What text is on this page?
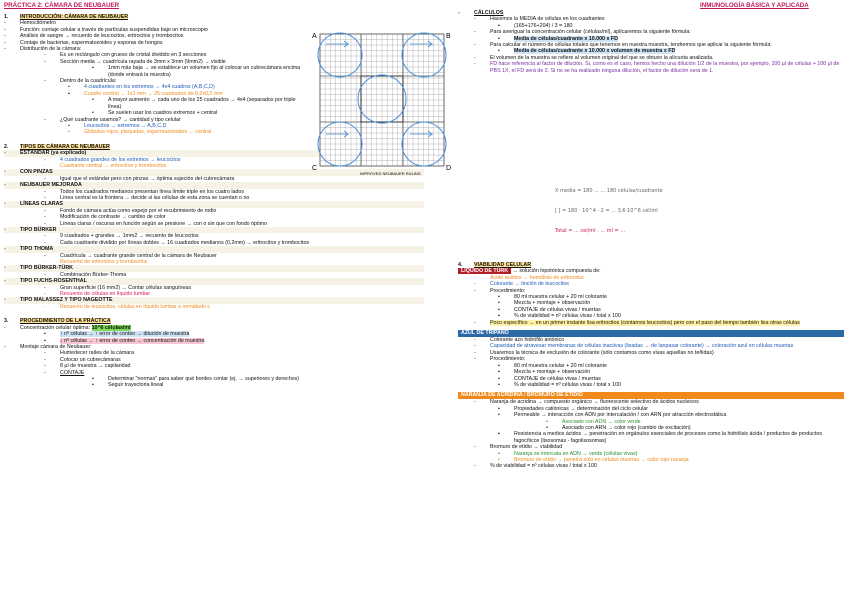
PRÁCTICA 2: CÁMARA DE NEUBAUER	INMUNOLOGÍA BÁSICA Y APLICADA
1.	INTRODUCCIÓN: CÁMARA DE NEUBAUER
-	Hemocitómetro
-	Función: contaje celular a través de partículas suspendidas bajo un microscopio
-	Análisis de sangre → recuento de leucocitos, eritrocitos y trombocitos
-	Contaje de bacterias, espermatozoides y esporas de hongos
-	Distribución de la cámara:
-	Es un rectángulo con grueso de cristal dividido en 3 secciones
-	Sección media → cuadrícula rayada de 3mm x 3mm (9mm2) → visible
▪	1mm más baja → se establece un volumen fijo al colocar un cubrecámara encima (donde entrará la muestra)
-	Dentro de la cuadrícula:
▪	4 cuadrantes en los extremos → 4x4 cuadros (A,B,C,D)
▪	Cuadro central → 1x1 mm → 25 cuadrados de 0,2x0,2 mm
•	A mayor aumento → cada uno de los 25 cuadrados → 4x4 (separados por triple línea)
•	Se suelen usar los cuadros extremos + central
-	¿Qué cuadrante usamos? → cantidad y tipo celular
▪	Leucocitos → extremos → A,B,C,D
▪	Glóbulos rojos, plaquetas, espermatozoides → central
2.	TIPOS DE CÁMARA DE NEUBAUER
-	ESTÁNDAR (ya explicado)
-	4 cuadrados grandes de los extremos → leucocitos
-	Cuadrante central → eritrocitos y trombocitos
-	CON PINZAS
-	Igual que el estándar pero con pinzas → óptima sujeción del cubrecámara
-	NEUBAUER MEJORADA
-	Todos los cuadrados medianos presentan línea límite triple en los cuatro lados
-	Línea central es la frontera → decide si las células de esta zona se cuentan o no
-	LÍNEAS CLARAS
-	Fondo de cámara actúa como espejo por el recubrimiento de rodio
-	Modificación de contraste → cambio de color
-	Líneas claras / oscuras en función según se presione → con o sin que con fondo óptimo
-	TIPO BÜRKER
-	9 cuadrados + grandes → 1mm2 → recuento de leucocitos
-	Cada cuadrante dividido por líneas dobles → 16 cuadrados medianos (0,2mm) → eritrocitos y trombocitos
-	TIPO THOMA
-	Cuadrícula → cuadrante grande central de la cámara de Neubauer
-	Recuento de eritrocitos y trombocitos
-	TIPO BÜRKER-TÜRK
-	Combinación Bürker-Thoma
-	TIPO FUCHS-ROSENTHAL
-	Gran superficie (16 mm2) → Contar células sanguíneas
-	Recuento de células en líquido lumbar
-	TIPO MALASSEZ Y TIPO NAGEOTTE
-	Recuento de leucocitos, células en líquido lumbar o nemátodo c
3.	PROCEDIMIENTO DE LA PRÁCTICA
-	Concentración celular óptima: 10^6 células/ml
▪	↑ nº células → ↑ error de conteo → dilución de muestra
▪	↓ nº células → ↑ error de conteo → concentración de muestra
-	Montaje cámara de Neubauer:
-	Humedecer raíles de la cámara
-	Colocar un cubrecámaras
-	8 µl de muestra → capilaridad
-	CONTAJE
▪	Determinar "normas" para saber qué bordes contar (ej. → superiores y derechos)
▪	Seguir trayectoria lineal
A	B
C	D
IMPROVED NEUBAUER RULING
-	CÁLCULOS
-	Hacemos la MEDIA de células en los cuadrantes
▪	(165+176+204) / 3 = 180
-	Para averiguar la concentración celular (células/ml), aplicaremos la siguiente fórmula:
▪	Media de células/cuadrante x 10.000 x FD
-	Para calcular el número de células totales que tenemos en nuestra muestra, tendremos que aplicar la siguiente fórmula:
▪	Media de células/cuadrante x 10.000 x volumen de muestra x FD
-	El volumen de la muestra se refiere al volumen original del que se obtuvo la alícuota analizada.
-	FD hace referencia al factor de dilución. Si, como es el caso, hemos hecho una dilución 1/2 de la muestra, por ejemplo, 100 µl de células + 100 µl de PBS 1X, el FD será de 2. Si no se ha realizado ninguna dilución, el factor de dilución será de 1.
X media = 180 ... ... 180 células/cuadrante
[ ] = 180 · 10^4 · 2 = ... 3,6·10^6 cél/ml
Total = ... cel/ml · ... ml = ...
4.	VIABILIDAD CELULAR
LÍQUIDO DE TÜRK → solución hipotónica compuesta de:
-	Ácido acético → hemólisis de eritrocitos
-	Colorante → tinción de leucocitos
-	Procedimiento:
▪	80 ml muestra celular + 20 ml colorante
▪	Mezcla + montaje + observación
▪	CONTAJE de células vivas / muertas
▪	% de viabilidad = nº células vivas / total x 100
-	Poco específico → en un primer instante lisa eritrocitos (contamos leucocitos) pero con el paso del tiempo también lisa otras células
AZUL DE TRIPANO
-	Colorante azo hidrófilo aniónico
-	Capacidad de atravesar membranas de células inactivas (lisadas → de lanpasar colorante) → coloración azul en células muertas
-	Usaremos la técnica de exclusión de colorante (sólo contamos como vivas aquellas no teñidas)
-	Procedimiento:
▪	80 ml muestra celular + 20 ml colorante
▪	Mezcla + montaje + observación
▪	CONTAJE de células vivas / muertas
▪	% de viabilidad = nº células vivas / total x 100
NARANJA DE ACRIDINA / BROMURO DE ETIDIO
-	Naranja de acridina → compuesto orgánico → fluorescente selectivo de ácidos nucleicos
▪	Propiedades catiónicas → determinación del ciclo celular
▪	Permeable → interacción con ADN por intercalación / con ARN por atracción electrostática
•	Asociado con ADN → color verde
•	Asociado con ARN → color rojo (cambio de excitación)
▪	Resistencia a medios ácidos → penetración en orgánulos esenciales de procesos como la hidrólisis ácida / productos de productos fagocíticos (lisosomas - fagolisosomas)
-	Bromuro de etidio → viabilidad
▪	Naranja se intercala en ADN → verde (células vivas)
▪	Bromuro de etidio → penetra sólo en células muertas → color rojo-naranja
-	% de viabilidad = nº células vivas / total x 100
